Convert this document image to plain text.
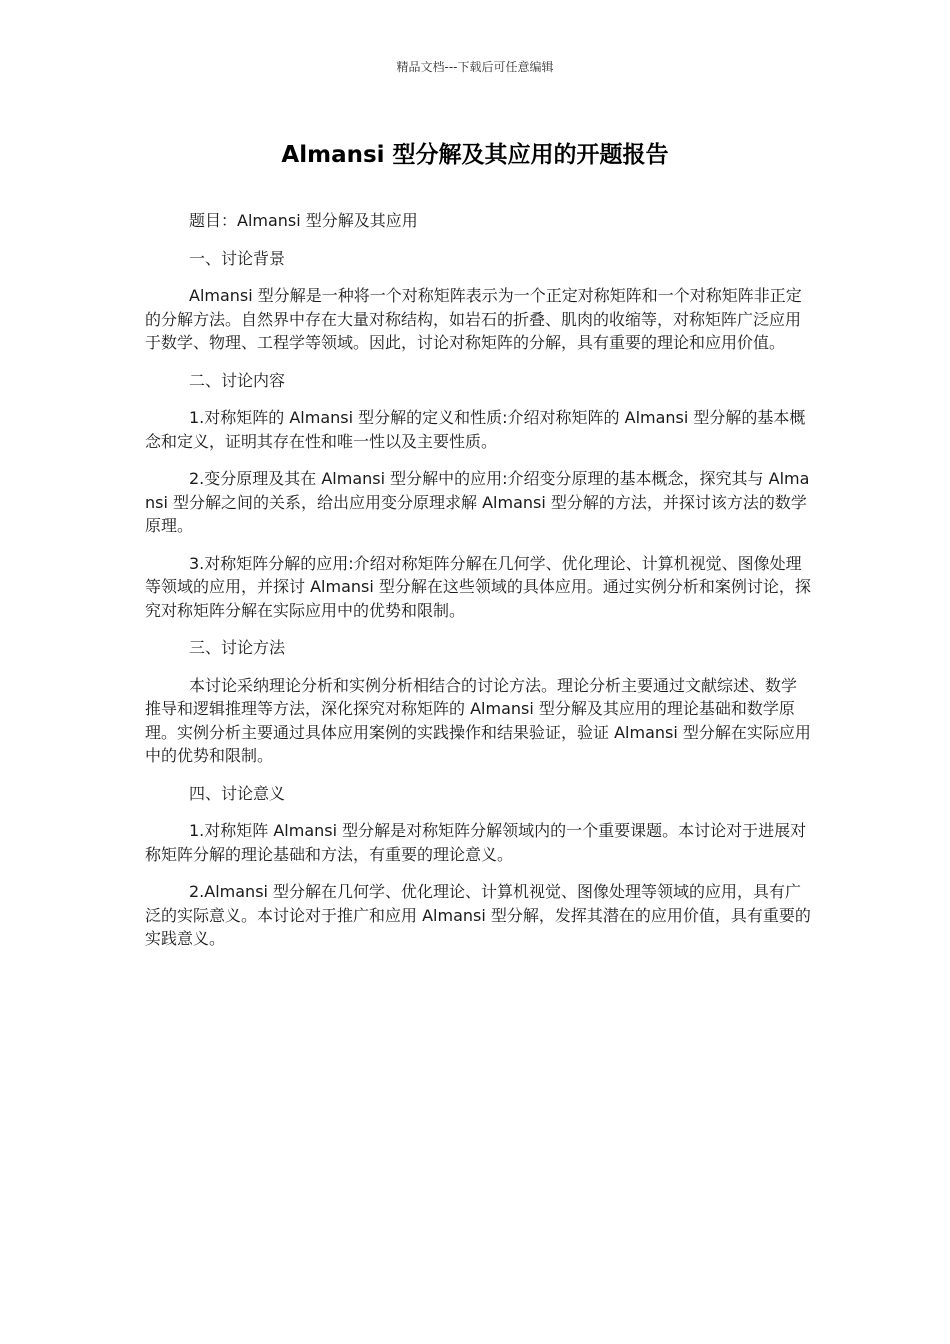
精品文档---下载后可任意编辑
Almansi 型分解及其应用的开题报告

题目：Almansi 型分解及其应用

一、讨论背景

Almansi 型分解是一种将一个对称矩阵表示为一个正定对称矩阵和一个对称矩阵非正定的分解方法。自然界中存在大量对称结构，如岩石的折叠、肌肉的收缩等，对称矩阵广泛应用于数学、物理、工程学等领域。因此，讨论对称矩阵的分解，具有重要的理论和应用价值。

二、讨论内容

1.对称矩阵的 Almansi 型分解的定义和性质:介绍对称矩阵的 Almansi 型分解的基本概念和定义，证明其存在性和唯一性以及主要性质。

2.变分原理及其在 Almansi 型分解中的应用:介绍变分原理的基本概念，探究其与 Almansi 型分解之间的关系，给出应用变分原理求解 Almansi 型分解的方法，并探讨该方法的数学原理。

3.对称矩阵分解的应用:介绍对称矩阵分解在几何学、优化理论、计算机视觉、图像处理等领域的应用，并探讨 Almansi 型分解在这些领域的具体应用。通过实例分析和案例讨论，探究对称矩阵分解在实际应用中的优势和限制。

三、讨论方法

本讨论采纳理论分析和实例分析相结合的讨论方法。理论分析主要通过文献综述、数学推导和逻辑推理等方法，深化探究对称矩阵的 Almansi 型分解及其应用的理论基础和数学原理。实例分析主要通过具体应用案例的实践操作和结果验证，验证 Almansi 型分解在实际应用中的优势和限制。

四、讨论意义

1.对称矩阵 Almansi 型分解是对称矩阵分解领域内的一个重要课题。本讨论对于进展对称矩阵分解的理论基础和方法，有重要的理论意义。

2.Almansi 型分解在几何学、优化理论、计算机视觉、图像处理等领域的应用，具有广泛的实际意义。本讨论对于推广和应用 Almansi 型分解，发挥其潜在的应用价值，具有重要的实践意义。
